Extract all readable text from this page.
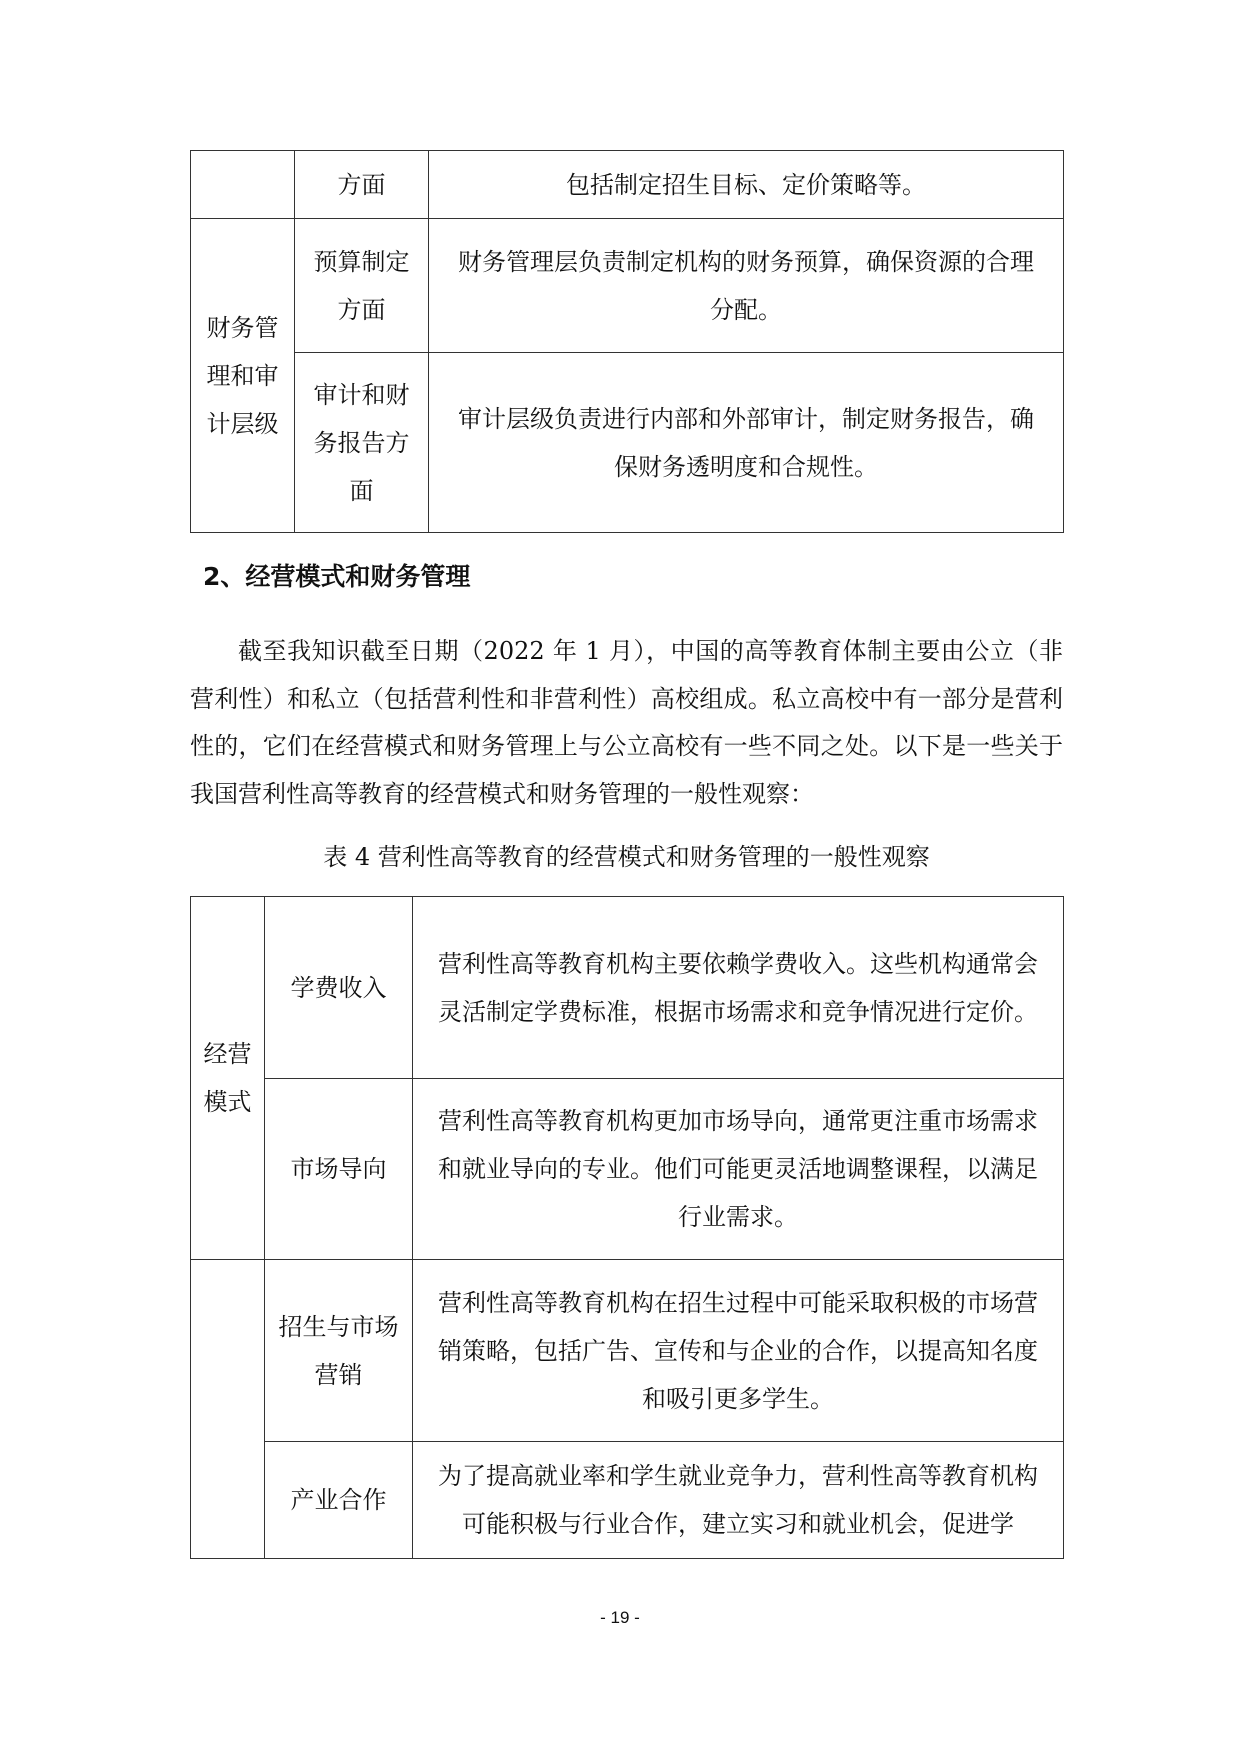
	方面	包括制定招生目标、定价策略等。
财务管理和审计层级	预算制定方面	财务管理层负责制定机构的财务预算，确保资源的合理分配。
	审计和财务报告方面	审计层级负责进行内部和外部审计，制定财务报告，确保财务透明度和合规性。
2、经营模式和财务管理

截至我知识截至日期（2022 年 1 月），中国的高等教育体制主要由公立（非营利性）和私立（包括营利性和非营利性）高校组成。私立高校中有一部分是营利性的，它们在经营模式和财务管理上与公立高校有一些不同之处。以下是一些关于我国营利性高等教育的经营模式和财务管理的一般性观察：

表 4 营利性高等教育的经营模式和财务管理的一般性观察
经营模式	学费收入	营利性高等教育机构主要依赖学费收入。这些机构通常会灵活制定学费标准，根据市场需求和竞争情况进行定价。
	市场导向	营利性高等教育机构更加市场导向，通常更注重市场需求和就业导向的专业。他们可能更灵活地调整课程，以满足行业需求。
	招生与市场营销	营利性高等教育机构在招生过程中可能采取积极的市场营销策略，包括广告、宣传和与企业的合作，以提高知名度和吸引更多学生。
	产业合作	为了提高就业率和学生就业竞争力，营利性高等教育机构可能积极与行业合作，建立实习和就业机会，促进学
- 19 -
